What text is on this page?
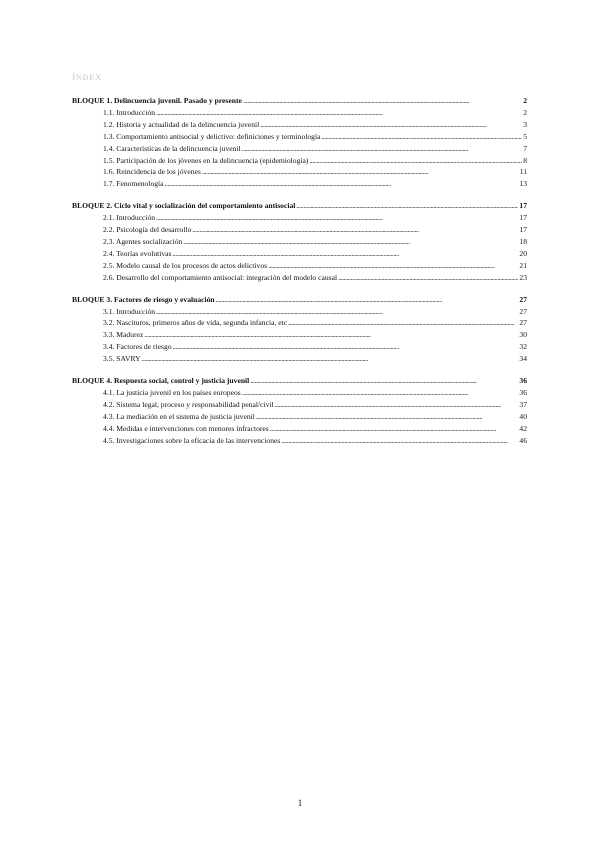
ÍNDEX
BLOQUE 1. Delincuencia juvenil. Pasado y presente . . .	2
1.1. Introducción . . .	2
1.2. Historia y actualidad de la delincuencia juvenil . . .	3
1.3. Comportamiento antisocial y delictivo: definiciones y terminología . . .	5
1.4. Características de la delincuencia juvenil . . .	7
1.5. Participación de los jóvenes en la delincuencia (epidemiología) . . .	8
1.6. Reincidencia de los jóvenes . . .	11
1.7. Fenomenología . . .	13
BLOQUE 2. Ciclo vital y socialización del comportamiento antisocial . . .	17
2.1. Introducción . . .	17
2.2. Psicología del desarrollo . . .	17
2.3. Agentes socialización . . .	18
2.4. Teorías evolutivas . . .	20
2.5. Modelo causal de los procesos de actos delictivos . . .	21
2.6. Desarrollo del comportamiento antisocial: integración del modelo causal . . .	23
BLOQUE 3. Factores de riesgo y evaluación . . .	27
3.1. Introducción . . .	27
3.2. Nascituros, primeros años de vida, segunda infancia, etc . . .	27
3.3. Madurez . . .	30
3.4. Factores de riesgo . . .	32
3.5. SAVRY . . .	34
BLOQUE 4. Respuesta social, control y justicia juvenil . . .	36
4.1. La justicia juvenil en los países europeos . . .	36
4.2. Sistema legal, proceso y responsabilidad penal/civil . . .	37
4.3. La mediación en el sistema de justicia juvenil . . .	40
4.4. Medidas e intervenciones con menores infractores . . .	42
4.5. Investigaciones sobre la eficacia de las intervenciones . . .	46
1
